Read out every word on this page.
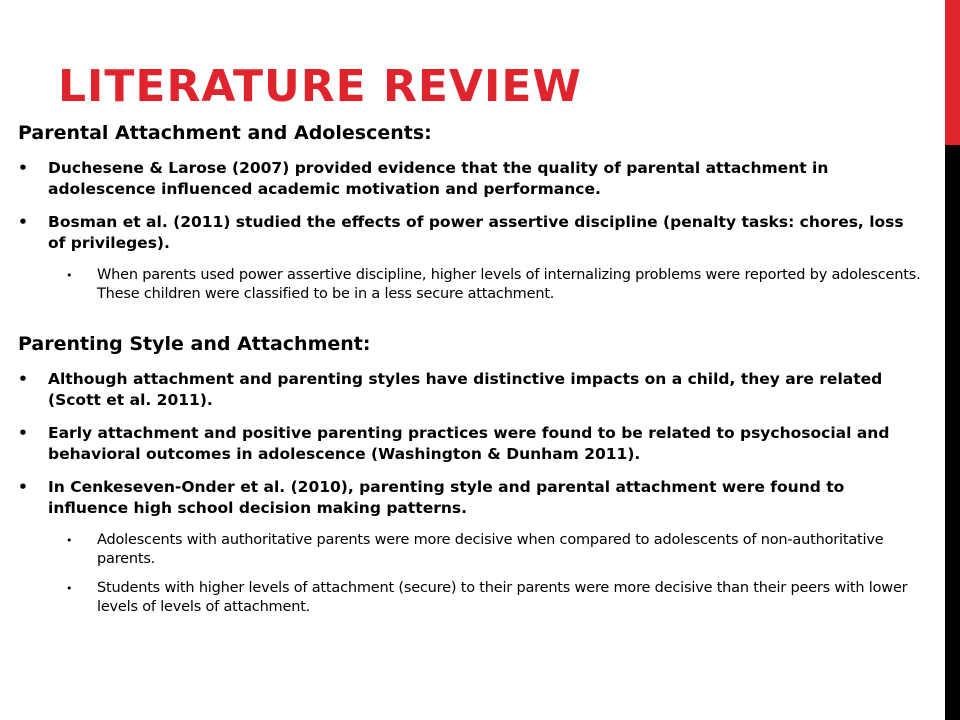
LITERATURE REVIEW
Parental Attachment and Adolescents:
• Duchesene & Larose (2007) provided evidence that the quality of parental attachment in adolescence influenced academic motivation and performance.
• Bosman et al. (2011) studied the effects of power assertive discipline (penalty tasks: chores, loss of privileges).
• When parents used power assertive discipline, higher levels of internalizing problems were reported by adolescents. These children were classified to be in a less secure attachment.
Parenting Style and Attachment:
• Although attachment and parenting styles have distinctive impacts on a child, they are related (Scott et al. 2011).
• Early attachment and positive parenting practices were found to be related to psychosocial and behavioral outcomes in adolescence (Washington & Dunham 2011).
• In Cenkeseven-Onder et al. (2010), parenting style and parental attachment were found to influence high school decision making patterns.
• Adolescents with authoritative parents were more decisive when compared to adolescents of non-authoritative parents.
• Students with higher levels of attachment (secure) to their parents were more decisive than their peers with lower levels of levels of attachment.
